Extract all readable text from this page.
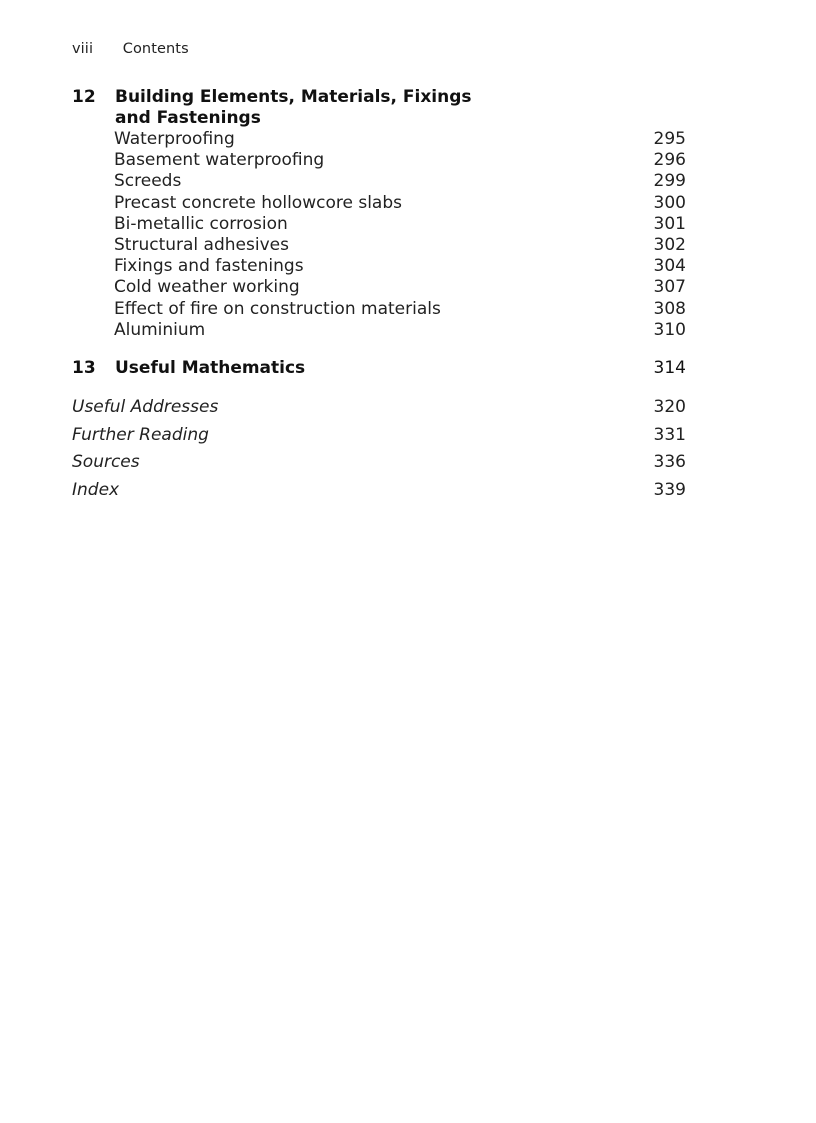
viii Contents
12	Building Elements, Materials, Fixings
and Fastenings
Waterproofing	295
Basement waterproofing	296
Screeds	299
Precast concrete hollowcore slabs	300
Bi-metallic corrosion	301
Structural adhesives	302
Fixings and fastenings	304
Cold weather working	307
Effect of fire on construction materials	308
Aluminium	310
13	Useful Mathematics	314
Useful Addresses	320
Further Reading	331
Sources	336
Index	339
